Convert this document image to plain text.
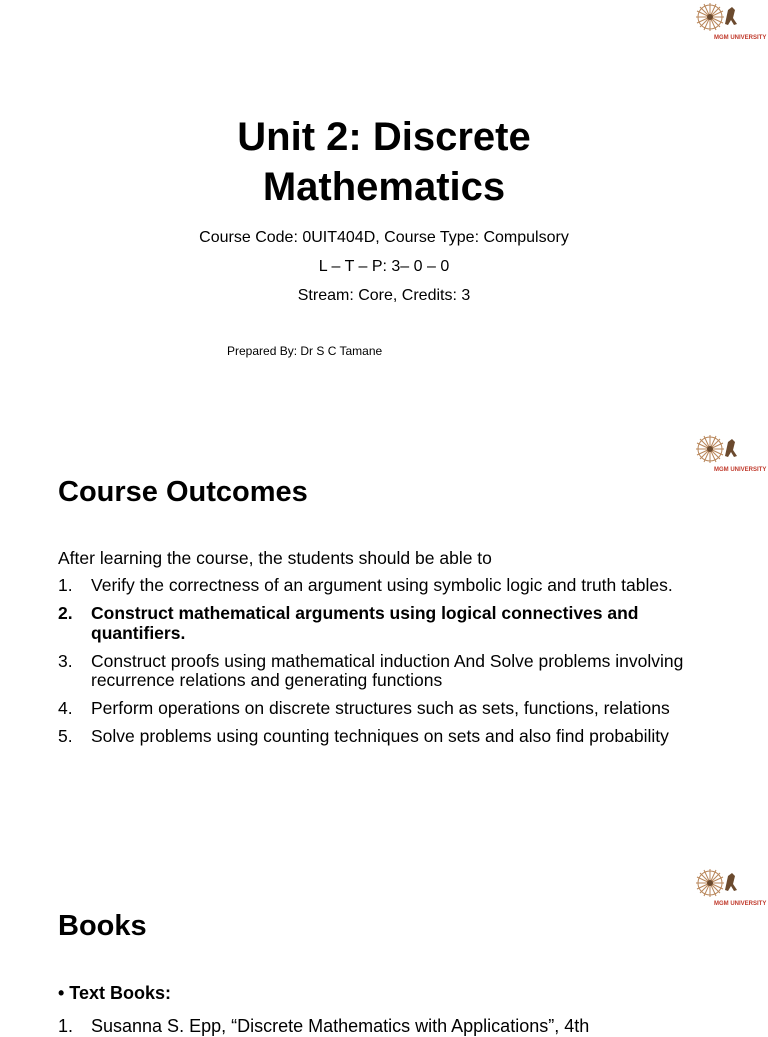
MGM UNIVERSITY
Unit 2: Discrete
Mathematics
Course Code: 0UIT404D, Course Type: Compulsory
L – T – P: 3– 0 – 0
Stream: Core, Credits: 3
Prepared By: Dr S C Tamane
MGM UNIVERSITY
Course Outcomes
After learning the course, the students should be able to
1. Verify the correctness of an argument using symbolic logic and truth tables.
2. Construct mathematical arguments using logical connectives and quantifiers.
3. Construct proofs using mathematical induction And Solve problems involving recurrence relations and generating functions
4. Perform operations on discrete structures such as sets, functions, relations
5. Solve problems using counting techniques on sets and also find probability
MGM UNIVERSITY
Books
• Text Books:
1. Susanna S. Epp, “Discrete Mathematics with Applications”, 4th
